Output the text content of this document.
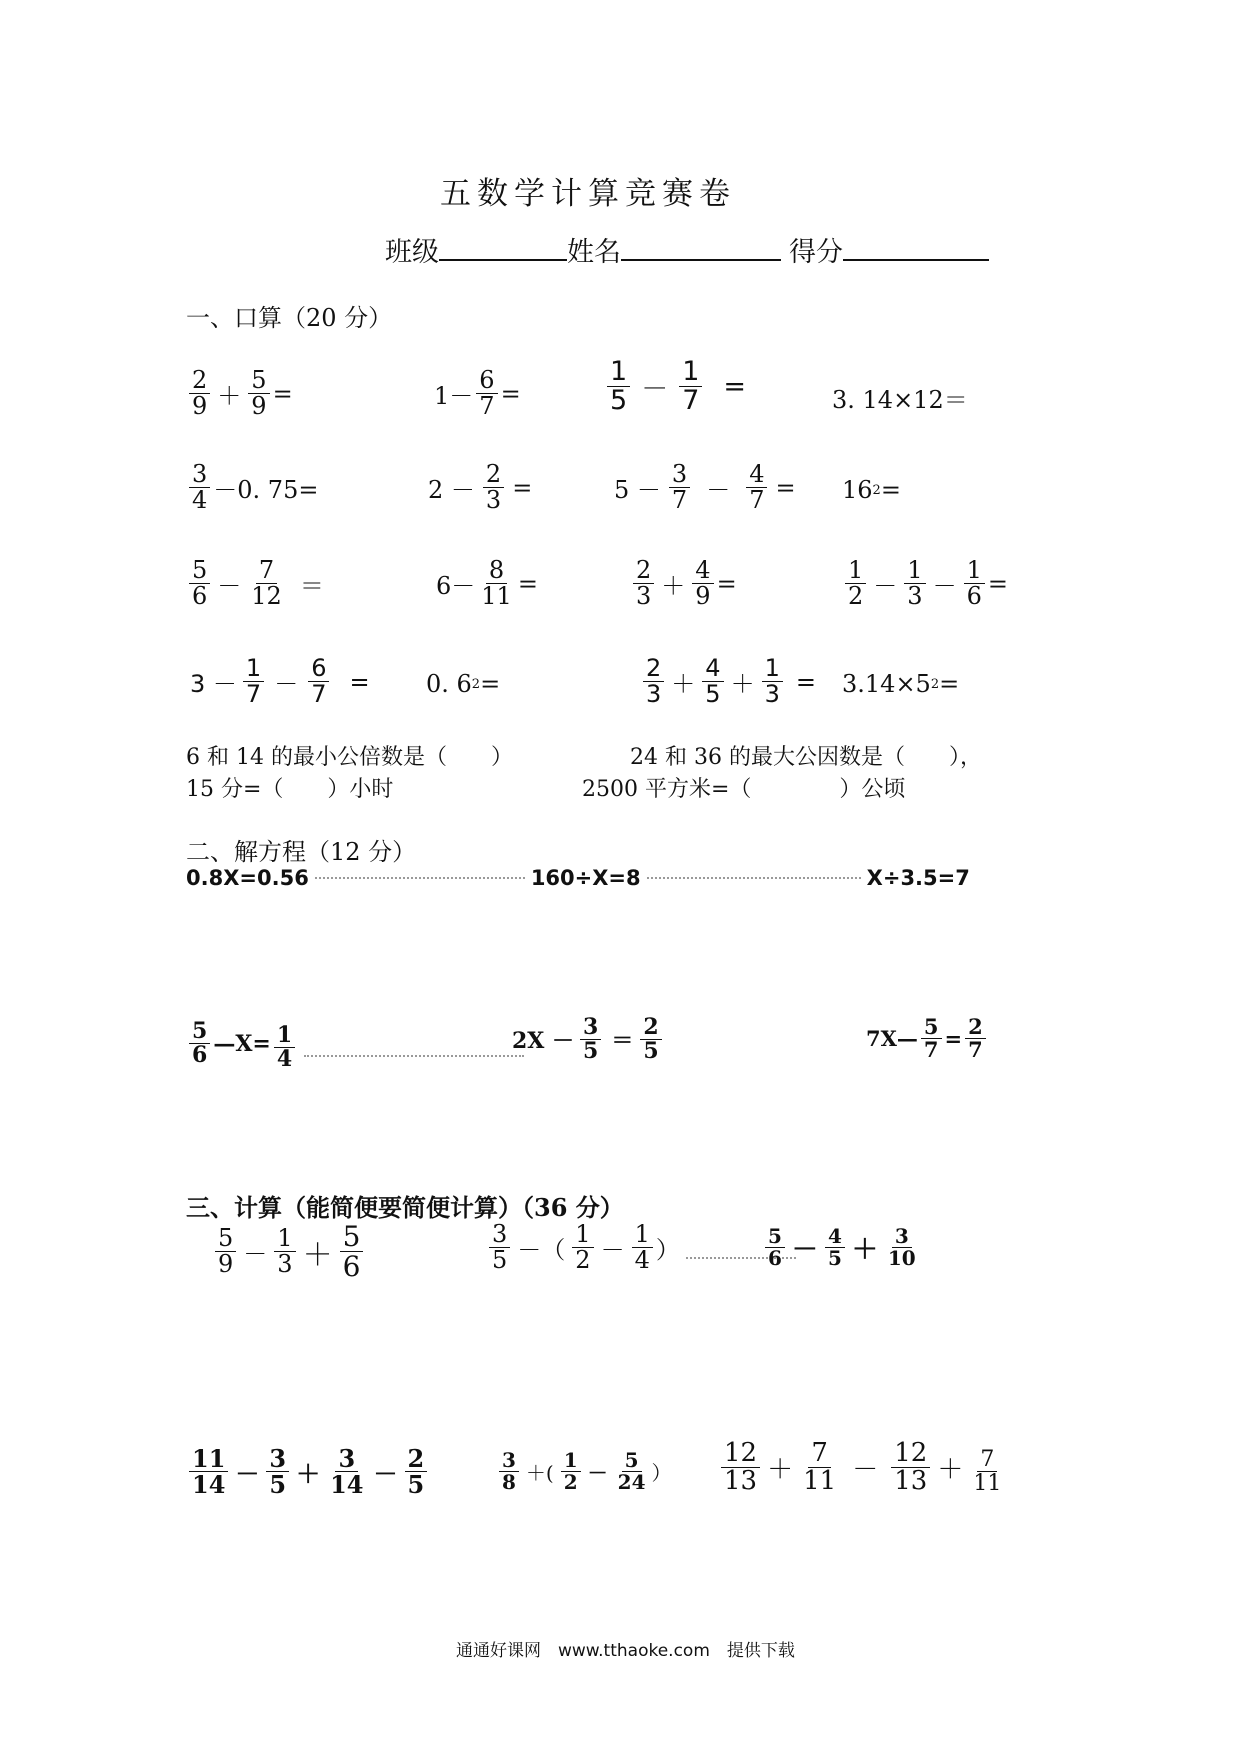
五数学计算竞赛卷
班级	姓名	得分
一、口算（20 分）
$\frac{2}{9} + \frac{5}{9}$ =	$1- \frac{6}{7}$ =	$\frac{1}{5} - \frac{1}{7}$ =	3. 14×12＝
$\frac{3}{4} -0$. 75=	$2 - \frac{2}{3}$ =	$5 - \frac{3}{7} - \frac{4}{7} = 16$ 2 =
$\frac{5}{6} - \frac{7}{12}$ ＝	$6- \frac{8}{11}$ =	$\frac{2}{3} + \frac{4}{9}$ =	$\frac{1}{2} - \frac{1}{3} - \frac{1}{6}$ =
$3 - \frac{1}{7} - \frac{6}{7} = 0$. 6 2 =	$\frac{2}{3} + \frac{4}{5} + \frac{1}{3} = 3.14\times 5$ 2 =
6 和 14 的最小公倍数是（　　）	24 和 36 的最大公因数是（　　），
15 分=（　　）小时	2500 平方米=（　　　　）公顷
二、解方程（12 分）
0.8X=0.56	160÷X=8	X÷3.5=7
$\frac{5}{6}$ —X= $\frac{1}{4}$	$2X - \frac{3}{5} = \frac{2}{5}$	7X— $\frac{5}{7} = \frac{2}{7}$
三、计算（能简便要简便计算）（36 分）
$\frac{5}{9} - \frac{1}{3} + \frac{5}{6}$	$\frac{3}{5}$ －（ $\frac{1}{2} - \frac{1}{4}$ ）	$\frac{5}{6} - \frac{4}{5} + \frac{3}{10}$
$\frac{11}{14} - \frac{3}{5} + \frac{3}{14} - \frac{2}{5}$	$\frac{3}{8}$ ＋( $\frac{1}{2} - \frac{5}{24}$ ） $\frac{12}{13} + \frac{7}{11} - \frac{12}{13} + \frac{7}{11}$
通通好课网　www.tthaoke.com　提供下载
